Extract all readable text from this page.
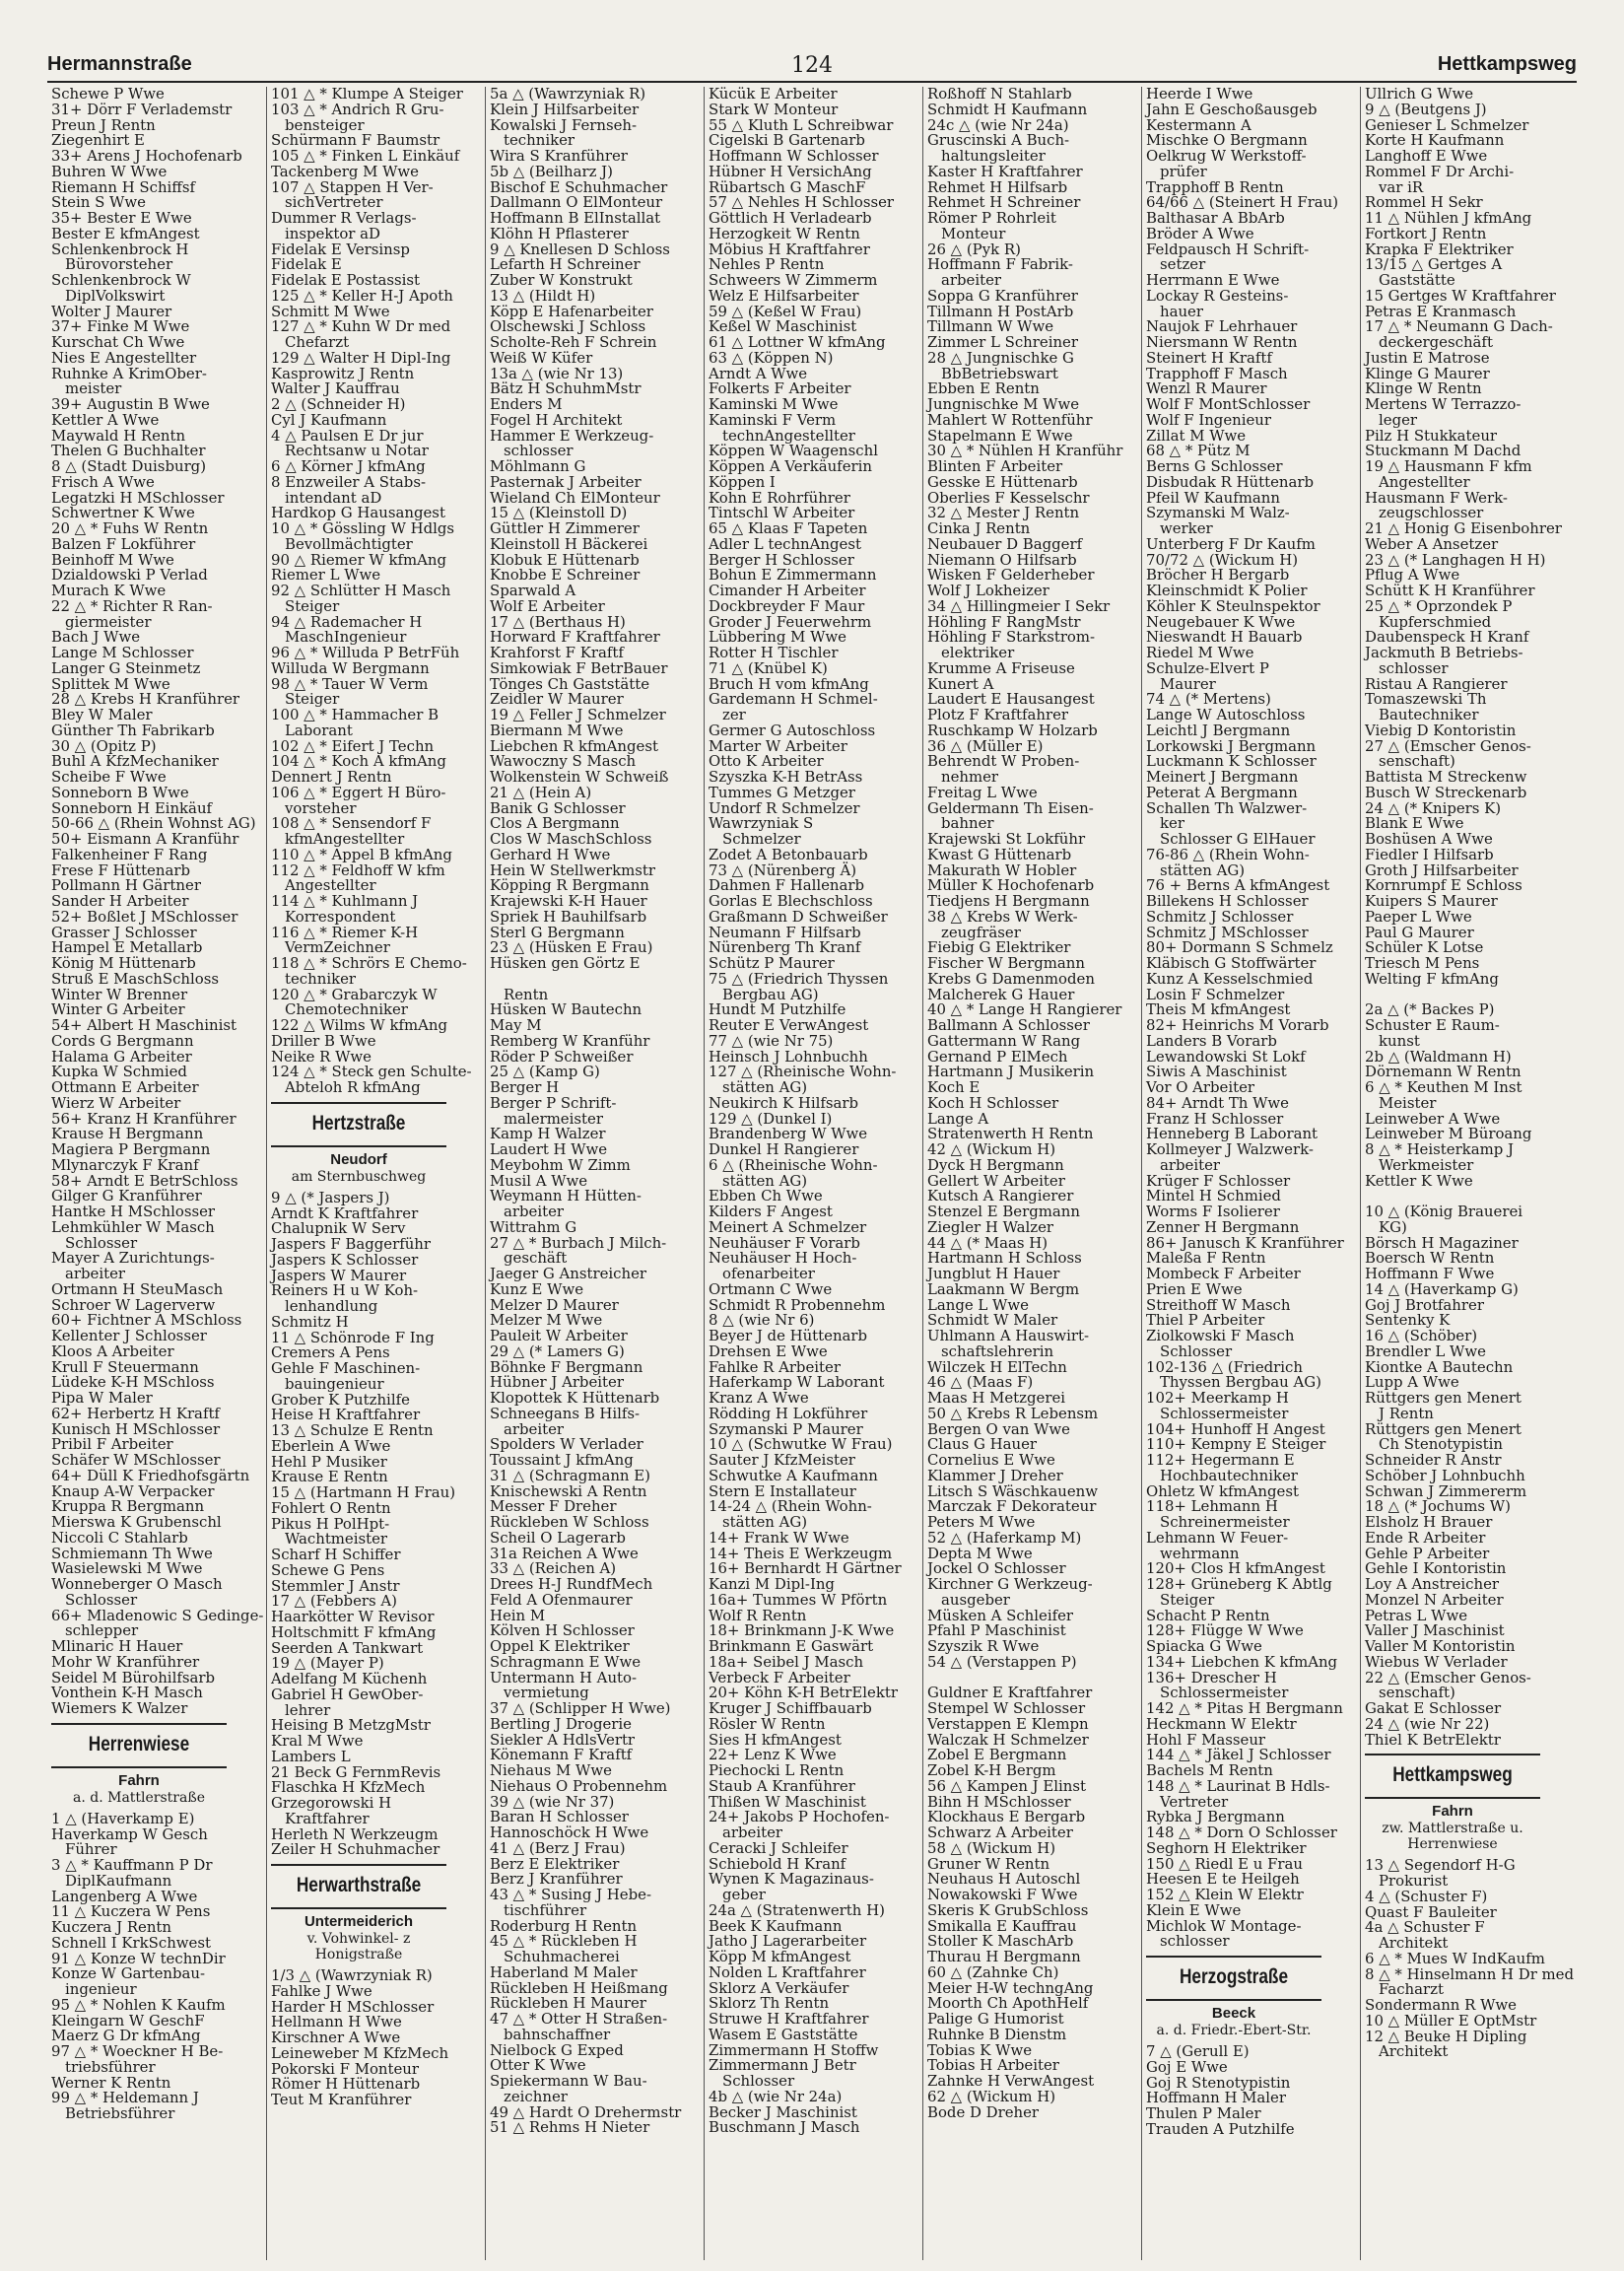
Hermannstraße	124	Hettkampsweg
Schewe P Wwe
31+ Dörr F Verlademstr
Preun J Rentn
Ziegenhirt E
33+ Arens J Hochofenarb
Buhren W Wwe
Riemann H Schiffsf
Stein S Wwe
35+ Bester E Wwe
Bester E kfmAngest
Schlenkenbrock H
Bürovorsteher
Schlenkenbrock W
DiplVolkswirt
Wolter J Maurer
37+ Finke M Wwe
Kurschat Ch Wwe
Nies E Angestellter
Ruhnke A KrimOber-
meister
39+ Augustin B Wwe
Kettler A Wwe
Maywald H Rentn
Thelen G Buchhalter
8 △ (Stadt Duisburg)
Frisch A Wwe
Legatzki H MSchlosser
Schwertner K Wwe
20 △ * Fuhs W Rentn
Balzen F Lokführer
Beinhoff M Wwe
Dzialdowski P Verlad
Murach K Wwe
22 △ * Richter R Ran-
giermeister
Bach J Wwe
Lange M Schlosser
Langer G Steinmetz
Splittek M Wwe
28 △ Krebs H Kranführer
Bley W Maler
Günther Th Fabrikarb
30 △ (Opitz P)
Buhl A KfzMechaniker
Scheibe F Wwe
Sonneborn B Wwe
Sonneborn H Einkäuf
50-66 △ (Rhein Wohnst AG)
50+ Eismann A Kranführ
Falkenheiner F Rang
Frese F Hüttenarb
Pollmann H Gärtner
Sander H Arbeiter
52+ Boßlet J MSchlosser
Grasser J Schlosser
Hampel E Metallarb
König M Hüttenarb
Struß E MaschSchloss
Winter W Brenner
Winter G Arbeiter
54+ Albert H Maschinist
Cords G Bergmann
Halama G Arbeiter
Kupka W Schmied
Ottmann E Arbeiter
Wierz W Arbeiter
56+ Kranz H Kranführer
Krause H Bergmann
Magiera P Bergmann
Mlynarczyk F Kranf
58+ Arndt E BetrSchloss
Gilger G Kranführer
Hantke H MSchlosser
Lehmkühler W Masch
Schlosser
Mayer A Zurichtungs-
arbeiter
Ortmann H SteuMasch
Schroer W Lagerverw
60+ Fichtner A MSchloss
Kellenter J Schlosser
Kloos A Arbeiter
Krull F Steuermann
Lüdeke K-H MSchloss
Pipa W Maler
62+ Herbertz H Kraftf
Kunisch H MSchlosser
Pribil F Arbeiter
Schäfer W MSchlosser
64+ Düll K Friedhofsgärtn
Knaup A-W Verpacker
Kruppa R Bergmann
Mierswa K Grubenschl
Niccoli C Stahlarb
Schmiemann Th Wwe
Wasielewski M Wwe
Wonneberger O Masch
Schlosser
66+ Mladenowic S Gedinge-
schlepper
Mlinaric H Hauer
Mohr W Kranführer
Seidel M Bürohilfsarb
Vonthein K-H Masch
Wiemers K Walzer
Herrenwiese
Fahrn
a. d. Mattlerstraße
1 △ (Haverkamp E)
Haverkamp W Gesch
Führer
3 △ * Kauffmann P Dr
DiplKaufmann
Langenberg A Wwe
11 △ Kuczera W Pens
Kuczera J Rentn
Schnell I KrkSchwest
91 △ Konze W technDir
Konze W Gartenbau-
ingenieur
95 △ * Nohlen K Kaufm
Kleingarn W GeschF
Maerz G Dr kfmAng
97 △ * Woeckner H Be-
triebsführer
Werner K Rentn
99 △ * Heldemann J
Betriebsführer
101 △ * Klumpe A Steiger
103 △ * Andrich R Gru-
bensteiger
Schürmann F Baumstr
105 △ * Finken L Einkäuf
Tackenberg M Wwe
107 △ Stappen H Ver-
sichVertreter
Dummer R Verlags-
inspektor aD
Fidelak E Versinsp
Fidelak E
Fidelak E Postassist
125 △ * Keller H-J Apoth
Schmitt M Wwe
127 △ * Kuhn W Dr med
Chefarzt
129 △ Walter H Dipl-Ing
Kasprowitz J Rentn
Walter J Kauffrau
2 △ (Schneider H)
Cyl J Kaufmann
4 △ Paulsen E Dr jur
Rechtsanw u Notar
6 △ Körner J kfmAng
8 Enzweiler A Stabs-
intendant aD
Hardkop G Hausangest
10 △ * Gössling W Hdlgs
Bevollmächtigter
90 △ Riemer W kfmAng
Riemer L Wwe
92 △ Schlütter H Masch
Steiger
94 △ Rademacher H
MaschIngenieur
96 △ * Willuda P BetrFüh
Willuda W Bergmann
98 △ * Tauer W Verm
Steiger
100 △ * Hammacher B
Laborant
102 △ * Eifert J Techn
104 △ * Koch A kfmAng
Dennert J Rentn
106 △ * Eggert H Büro-
vorsteher
108 △ * Sensendorf F
kfmAngestellter
110 △ * Appel B kfmAng
112 △ * Feldhoff W kfm
Angestellter
114 △ * Kuhlmann J
Korrespondent
116 △ * Riemer K-H
VermZeichner
118 △ * Schrörs E Chemo-
techniker
120 △ * Grabarczyk W
Chemotechniker
122 △ Wilms W kfmAng
Driller B Wwe
Neike R Wwe
124 △ * Steck gen Schulte-
Abteloh R kfmAng
Hertzstraße
Neudorf
am Sternbuschweg
9 △ (* Jaspers J)
Arndt K Kraftfahrer
Chalupnik W Serv
Jaspers F Baggerführ
Jaspers K Schlosser
Jaspers W Maurer
Reiners H u W Koh-
lenhandlung
Schmitz H
11 △ Schönrode F Ing
Cremers A Pens
Gehle F Maschinen-
bauingenieur
Grober K Putzhilfe
Heise H Kraftfahrer
13 △ Schulze E Rentn
Eberlein A Wwe
Hehl P Musiker
Krause E Rentn
15 △ (Hartmann H Frau)
Fohlert O Rentn
Pikus H PolHpt-
Wachtmeister
Scharf H Schiffer
Schewe G Pens
Stemmler J Anstr
17 △ (Febbers A)
Haarkötter W Revisor
Holtschmitt F kfmAng
Seerden A Tankwart
19 △ (Mayer P)
Adelfang M Küchenh
Gabriel H GewOber-
lehrer
Heising B MetzgMstr
Kral M Wwe
Lambers L
21 Beck G FernmRevis
Flaschka H KfzMech
Grzegorowski H
Kraftfahrer
Herleth N Werkzeugm
Zeiler H Schuhmacher
Herwarthstraße
Untermeiderich
v. Vohwinkel- z Honigstraße
1/3 △ (Wawrzyniak R)
Fahlke J Wwe
Harder H MSchlosser
Hellmann H Wwe
Kirschner A Wwe
Leineweber M KfzMech
Pokorski F Monteur
Römer H Hüttenarb
Teut M Kranführer
5a △ (Wawrzyniak R)
Klein J Hilfsarbeiter
Kowalski J Fernseh-
techniker
Wira S Kranführer
5b △ (Beilharz J)
Bischof E Schuhmacher
Dallmann O ElMonteur
Hoffmann B ElInstallat
Klöhn H Pflasterer
9 △ Knellesen D Schloss
Lefarth H Schreiner
Zuber W Konstrukt
13 △ (Hildt H)
Köpp E Hafenarbeiter
Olschewski J Schloss
Scholte-Reh F Schrein
Weiß W Küfer
13a △ (wie Nr 13)
Bätz H SchuhmMstr
Enders M
Fogel H Architekt
Hammer E Werkzeug-
schlosser
Möhlmann G
Pasternak J Arbeiter
Wieland Ch ElMonteur
15 △ (Kleinstoll D)
Güttler H Zimmerer
Kleinstoll H Bäckerei
Klobuk E Hüttenarb
Knobbe E Schreiner
Sparwald A
Wolf E Arbeiter
17 △ (Berthaus H)
Horward F Kraftfahrer
Krahforst F Kraftf
Simkowiak F BetrBauer
Tönges Ch Gaststätte
Zeidler W Maurer
19 △ Feller J Schmelzer
Biermann M Wwe
Liebchen R kfmAngest
Wawoczny S Masch
Wolkenstein W Schweiß
21 △ (Hein A)
Banik G Schlosser
Clos A Bergmann
Clos W MaschSchloss
Gerhard H Wwe
Hein W Stellwerkmstr
Köpping R Bergmann
Krajewski K-H Hauer
Spriek H Bauhilfsarb
Sterl G Bergmann
23 △ (Hüsken E Frau)
Hüsken gen Görtz E
Rentn
Hüsken W Bautechn
May M
Remberg W Kranführ
Röder P Schweißer
25 △ (Kamp G)
Berger H
Berger P Schrift-
malermeister
Kamp H Walzer
Laudert H Wwe
Meybohm W Zimm
Musil A Wwe
Weymann H Hütten-
arbeiter
Wittrahm G
27 △ * Burbach J Milch-
geschäft
Jaeger G Anstreicher
Kunz E Wwe
Melzer D Maurer
Melzer M Wwe
Pauleit W Arbeiter
29 △ (* Lamers G)
Böhnke F Bergmann
Hübner J Arbeiter
Klopottek K Hüttenarb
Schneegans B Hilfs-
arbeiter
Spolders W Verlader
Toussaint J kfmAng
31 △ (Schragmann E)
Knischewski A Rentn
Messer F Dreher
Rückleben W Schloss
Scheil O Lagerarb
31a Reichen A Wwe
33 △ (Reichen A)
Drees H-J RundfMech
Feld A Ofenmaurer
Hein M
Kölven H Schlosser
Oppel K Elektriker
Schragmann E Wwe
Untermann H Auto-
vermietung
37 △ (Schlipper H Wwe)
Bertling J Drogerie
Siekler A HdlsVertr
Könemann F Kraftf
Niehaus M Wwe
Niehaus O Probennehm
39 △ (wie Nr 37)
Baran H Schlosser
Hannoschöck H Wwe
41 △ (Berz J Frau)
Berz E Elektriker
Berz J Kranführer
43 △ * Susing J Hebe-
tischführer
Roderburg H Rentn
45 △ * Rückleben H
Schuhmacherei
Haberland M Maler
Rückleben H Heißmang
Rückleben H Maurer
47 △ * Otter H Straßen-
bahnschaffner
Nielbock G Exped
Otter K Wwe
Spiekermann W Bau-
zeichner
49 △ Hardt O Drehermstr
51 △ Rehms H Nieter
Kücük E Arbeiter
Stark W Monteur
55 △ Kluth L Schreibwar
Cigelski B Gartenarb
Hoffmann W Schlosser
Hübner H VersichAng
Rübartsch G MaschF
57 △ Nehles H Schlosser
Göttlich H Verladearb
Herzogkeit W Rentn
Möbius H Kraftfahrer
Nehles P Rentn
Schweers W Zimmerm
Welz E Hilfsarbeiter
59 △ (Keßel W Frau)
Keßel W Maschinist
61 △ Lottner W kfmAng
63 △ (Köppen N)
Arndt A Wwe
Folkerts F Arbeiter
Kaminski M Wwe
Kaminski F Verm
technAngestellter
Köppen W Waagenschl
Köppen A Verkäuferin
Köppen I
Kohn E Rohrführer
Tintschl W Arbeiter
65 △ Klaas F Tapeten
Adler L technAngest
Berger H Schlosser
Bohun E Zimmermann
Cimander H Arbeiter
Dockbreyder F Maur
Groder J Feuerwehrm
Lübbering M Wwe
Rotter H Tischler
71 △ (Knübel K)
Bruch H vom kfmAng
Gardemann H Schmel-
zer
Germer G Autoschloss
Marter W Arbeiter
Otto K Arbeiter
Szyszka K-H BetrAss
Tummes G Metzger
Undorf R Schmelzer
Wawrzyniak S
Schmelzer
Zodet A Betonbauarb
73 △ (Nürenberg Ä)
Dahmen F Hallenarb
Gorlas E Blechschloss
Graßmann D Schweißer
Neumann F Hilfsarb
Nürenberg Th Kranf
Schütz P Maurer
75 △ (Friedrich Thyssen
Bergbau AG)
Hundt M Putzhilfe
Reuter E VerwAngest
77 △ (wie Nr 75)
Heinsch J Lohnbuchh
127 △ (Rheinische Wohn-
stätten AG)
Neukirch K Hilfsarb
129 △ (Dunkel I)
Brandenberg W Wwe
Dunkel H Rangierer
6 △ (Rheinische Wohn-
stätten AG)
Ebben Ch Wwe
Kilders F Angest
Meinert A Schmelzer
Neuhäuser F Vorarb
Neuhäuser H Hoch-
ofenarbeiter
Ortmann C Wwe
Schmidt R Probennehm
8 △ (wie Nr 6)
Beyer J de Hüttenarb
Drehsen E Wwe
Fahlke R Arbeiter
Haferkamp W Laborant
Kranz A Wwe
Rödding H Lokführer
Szymanski P Maurer
10 △ (Schwutke W Frau)
Sauter J KfzMeister
Schwutke A Kaufmann
Stern E Installateur
14-24 △ (Rhein Wohn-
stätten AG)
14+ Frank W Wwe
14+ Theis E Werkzeugm
16+ Bernhardt H Gärtner
Kanzi M Dipl-Ing
16a+ Tummes W Pförtn
Wolf R Rentn
18+ Brinkmann J-K Wwe
Brinkmann E Gaswärt
18a+ Seibel J Masch
Verbeck F Arbeiter
20+ Köhn K-H BetrElektr
Kruger J Schiffbauarb
Rösler W Rentn
Sies H kfmAngest
22+ Lenz K Wwe
Piechocki L Rentn
Staub A Kranführer
Thißen W Maschinist
24+ Jakobs P Hochofen-
arbeiter
Ceracki J Schleifer
Schiebold H Kranf
Wynen K Magazinaus-
geber
24a △ (Stratenwerth H)
Beek K Kaufmann
Jatho J Lagerarbeiter
Köpp M kfmAngest
Nolden L Kraftfahrer
Sklorz A Verkäufer
Sklorz Th Rentn
Struwe H Kraftfahrer
Wasem E Gaststätte
Zimmermann H Stoffw
Zimmermann J Betr
Schlosser
4b △ (wie Nr 24a)
Becker J Maschinist
Buschmann J Masch
Roßhoff N Stahlarb
Schmidt H Kaufmann
24c △ (wie Nr 24a)
Gruscinski A Buch-
haltungsleiter
Kaster H Kraftfahrer
Rehmet H Hilfsarb
Rehmet H Schreiner
Römer P Rohrleit
Monteur
26 △ (Pyk R)
Hoffmann F Fabrik-
arbeiter
Soppa G Kranführer
Tillmann H PostArb
Tillmann W Wwe
Zimmer L Schreiner
28 △ Jungnischke G
BbBetriebswart
Ebben E Rentn
Jungnischke M Wwe
Mahlert W Rottenführ
Stapelmann E Wwe
30 △ * Nühlen H Kranführ
Blinten F Arbeiter
Gesske E Hüttenarb
Oberlies F Kesselschr
32 △ Mester J Rentn
Cinka J Rentn
Neubauer D Baggerf
Niemann O Hilfsarb
Wisken F Gelderheber
Wolf J Lokheizer
34 △ Hillingmeier I Sekr
Höhling F RangMstr
Höhling F Starkstrom-
elektriker
Krumme A Friseuse
Kunert A
Laudert E Hausangest
Plotz F Kraftfahrer
Ruschkamp W Holzarb
36 △ (Müller E)
Behrendt W Proben-
nehmer
Freitag L Wwe
Geldermann Th Eisen-
bahner
Krajewski St Lokführ
Kwast G Hüttenarb
Makurath W Hobler
Müller K Hochofenarb
Tiedjens H Bergmann
38 △ Krebs W Werk-
zeugfräser
Fiebig G Elektriker
Fischer W Bergmann
Krebs G Damenmoden
Malcherek G Hauer
40 △ * Lange H Rangierer
Ballmann A Schlosser
Gattermann W Rang
Gernand P ElMech
Hartmann J Musikerin
Koch E
Koch H Schlosser
Lange A
Stratenwerth H Rentn
42 △ (Wickum H)
Dyck H Bergmann
Gellert W Arbeiter
Kutsch A Rangierer
Stenzel E Bergmann
Ziegler H Walzer
44 △ (* Maas H)
Hartmann H Schloss
Jungblut H Hauer
Laakmann W Bergm
Lange L Wwe
Schmidt W Maler
Uhlmann A Hauswirt-
schaftslehrerin
Wilczek H ElTechn
46 △ (Maas F)
Maas H Metzgerei
50 △ Krebs R Lebensm
Bergen O van Wwe
Claus G Hauer
Cornelius E Wwe
Klammer J Dreher
Litsch S Wäschkauenw
Marczak F Dekorateur
Peters M Wwe
52 △ (Haferkamp M)
Depta M Wwe
Jockel O Schlosser
Kirchner G Werkzeug-
ausgeber
Müsken A Schleifer
Pfahl P Maschinist
Szyszik R Wwe
54 △ (Verstappen P)
Guldner E Kraftfahrer
Stempel W Schlosser
Verstappen E Klempn
Walczak H Schmelzer
Zobel E Bergmann
Zobel K-H Bergm
56 △ Kampen J Elinst
Bihn H MSchlosser
Klockhaus E Bergarb
Schwarz A Arbeiter
58 △ (Wickum H)
Gruner W Rentn
Neuhaus H Autoschl
Nowakowski F Wwe
Skeris K GrubSchloss
Smikalla E Kauffrau
Stoller K MaschArb
Thurau H Bergmann
60 △ (Zahnke Ch)
Meier H-W techngAng
Moorth Ch ApothHelf
Palige G Humorist
Ruhnke B Dienstm
Tobias K Wwe
Tobias H Arbeiter
Zahnke H VerwAngest
62 △ (Wickum H)
Bode D Dreher
Heerde I Wwe
Jahn E Geschoßausgeb
Kestermann A
Mischke O Bergmann
Oelkrug W Werkstoff-
prüfer
Trapphoff B Rentn
64/66 △ (Steinert H Frau)
Balthasar A BbArb
Bröder A Wwe
Feldpausch H Schrift-
setzer
Herrmann E Wwe
Lockay R Gesteins-
hauer
Naujok F Lehrhauer
Niersmann W Rentn
Steinert H Kraftf
Trapphoff F Masch
Wenzl R Maurer
Wolf F MontSchlosser
Wolf F Ingenieur
Zillat M Wwe
68 △ * Pütz M
Berns G Schlosser
Disbudak R Hüttenarb
Pfeil W Kaufmann
Szymanski M Walz-
werker
Unterberg F Dr Kaufm
70/72 △ (Wickum H)
Bröcher H Bergarb
Kleinschmidt K Polier
Köhler K Steulnspektor
Neugebauer K Wwe
Nieswandt H Bauarb
Riedel M Wwe
Schulze-Elvert P
Maurer
74 △ (* Mertens)
Lange W Autoschloss
Leichtl J Bergmann
Lorkowski J Bergmann
Luckmann K Schlosser
Meinert J Bergmann
Peterat A Bergmann
Schallen Th Walzwer-
ker
Schlosser G ElHauer
76-86 △ (Rhein Wohn-
stätten AG)
76 + Berns A kfmAngest
Billekens H Schlosser
Schmitz J Schlosser
Schmitz J MSchlosser
80+ Dormann S Schmelz
Kläbisch G Stoffwärter
Kunz A Kesselschmied
Losin F Schmelzer
Theis M kfmAngest
82+ Heinrichs M Vorarb
Landers B Vorarb
Lewandowski St Lokf
Siwis A Maschinist
Vor O Arbeiter
84+ Arndt Th Wwe
Franz H Schlosser
Henneberg B Laborant
Kollmeyer J Walzwerk-
arbeiter
Krüger F Schlosser
Mintel H Schmied
Worms F Isolierer
Zenner H Bergmann
86+ Janusch K Kranführer
Maleßa F Rentn
Mombeck F Arbeiter
Prien E Wwe
Streithoff W Masch
Thiel P Arbeiter
Ziolkowski F Masch
Schlosser
102-136 △ (Friedrich
Thyssen Bergbau AG)
102+ Meerkamp H
Schlossermeister
104+ Hunhoff H Angest
110+ Kempny E Steiger
112+ Hegermann E
Hochbautechniker
Ohletz W kfmAngest
118+ Lehmann H
Schreinermeister
Lehmann W Feuer-
wehrmann
120+ Clos H kfmAngest
128+ Grüneberg K Abtlg
Steiger
Schacht P Rentn
128+ Flügge W Wwe
Spiacka G Wwe
134+ Liebchen K kfmAng
136+ Drescher H
Schlossermeister
142 △ * Pitas H Bergmann
Heckmann W Elektr
Hohl F Masseur
144 △ * Jäkel J Schlosser
Bachels M Rentn
148 △ * Laurinat B Hdls-
Vertreter
Rybka J Bergmann
148 △ * Dorn O Schlosser
Seghorn H Elektriker
150 △ Riedl E u Frau
Heesen E te Heilgeh
152 △ Klein W Elektr
Klein E Wwe
Michlok W Montage-
schlosser
Herzogstraße
Beeck
a. d. Friedr.-Ebert-Str.
7 △ (Gerull E)
Goj E Wwe
Goj R Stenotypistin
Hoffmann H Maler
Thulen P Maler
Trauden A Putzhilfe
Ullrich G Wwe
9 △ (Beutgens J)
Genieser L Schmelzer
Korte H Kaufmann
Langhoff E Wwe
Rommel F Dr Archi-
var iR
Rommel H Sekr
11 △ Nühlen J kfmAng
Fortkort J Rentn
Krapka F Elektriker
13/15 △ Gertges A
Gaststätte
15 Gertges W Kraftfahrer
Petras E Kranmasch
17 △ * Neumann G Dach-
deckergeschäft
Justin E Matrose
Klinge G Maurer
Klinge W Rentn
Mertens W Terrazzo-
leger
Pilz H Stukkateur
Stuckmann M Dachd
19 △ Hausmann F kfm
Angestellter
Hausmann F Werk-
zeugschlosser
21 △ Honig G Eisenbohrer
Weber A Ansetzer
23 △ (* Langhagen H H)
Pflug A Wwe
Schütt K H Kranführer
25 △ * Oprzondek P
Kupferschmied
Daubenspeck H Kranf
Jackmuth B Betriebs-
schlosser
Ristau A Rangierer
Tomaszewski Th
Bautechniker
Viebig D Kontoristin
27 △ (Emscher Genos-
senschaft)
Battista M Streckenw
Busch W Streckenarb
24 △ (* Knipers K)
Blank E Wwe
Boshüsen A Wwe
Fiedler I Hilfsarb
Groth J Hilfsarbeiter
Kornrumpf E Schloss
Kuipers S Maurer
Paeper L Wwe
Paul G Maurer
Schüler K Lotse
Triesch M Pens
Welting F kfmAng
2a △ (* Backes P)
Schuster E Raum-
kunst
2b △ (Waldmann H)
Dörnemann W Rentn
6 △ * Keuthen M Inst
Meister
Leinweber A Wwe
Leinweber M Büroang
8 △ * Heisterkamp J
Werkmeister
Kettler K Wwe
10 △ (König Brauerei
KG)
Börsch H Magaziner
Boersch W Rentn
Hoffmann F Wwe
14 △ (Haverkamp G)
Goj J Brotfahrer
Sentenky K
16 △ (Schöber)
Brendler L Wwe
Kiontke A Bautechn
Lupp A Wwe
Rüttgers gen Menert
J Rentn
Rüttgers gen Menert
Ch Stenotypistin
Schneider R Anstr
Schöber J Lohnbuchh
Schwan J Zimmererm
18 △ (* Jochums W)
Elsholz H Brauer
Ende R Arbeiter
Gehle P Arbeiter
Gehle I Kontoristin
Loy A Anstreicher
Monzel N Arbeiter
Petras L Wwe
Valler J Maschinist
Valler M Kontoristin
Wiebus W Verlader
22 △ (Emscher Genos-
senschaft)
Gakat E Schlosser
24 △ (wie Nr 22)
Thiel K BetrElektr
Hettkampsweg
Fahrn
zw. Mattlerstraße u. Herrenwiese
13 △ Segendorf H-G
Prokurist
4 △ (Schuster F)
Quast F Bauleiter
4a △ Schuster F
Architekt
6 △ * Mues W IndKaufm
8 △ * Hinselmann H Dr med
Facharzt
Sondermann R Wwe
10 △ Müller E OptMstr
12 △ Beuke H Dipling
Architekt
